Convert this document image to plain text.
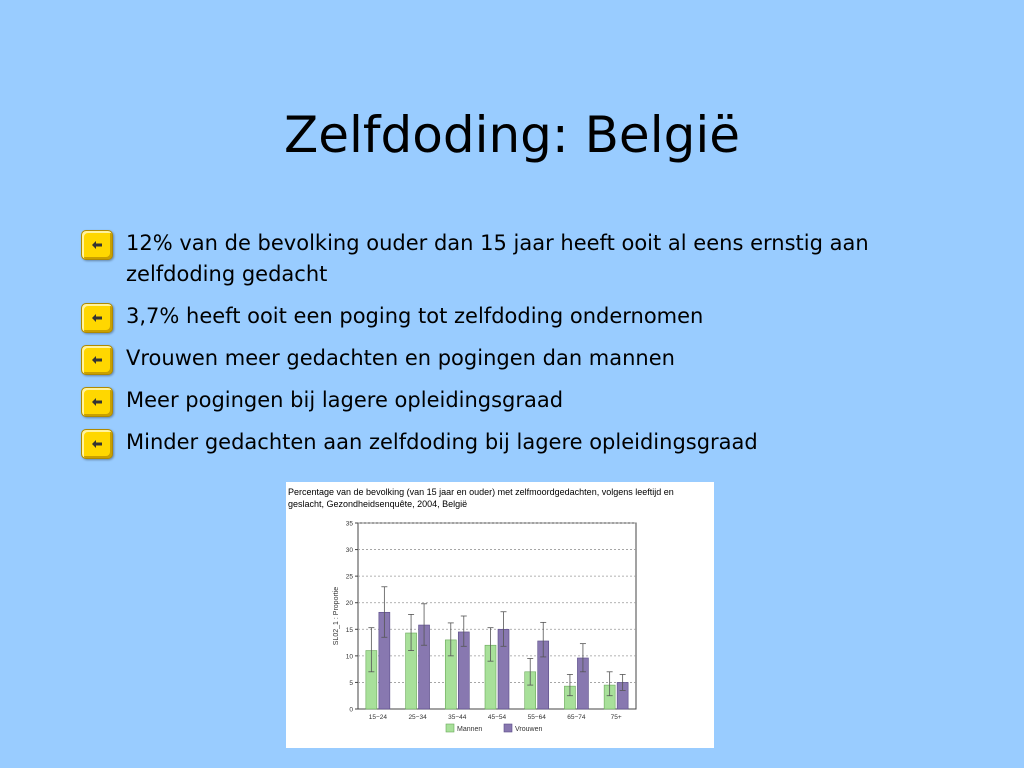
Zelfdoding: België
12% van de bevolking ouder dan 15 jaar heeft ooit al eens ernstig aan zelfdoding gedacht
3,7% heeft ooit een poging tot zelfdoding ondernomen
Vrouwen meer gedachten en pogingen dan mannen
Meer pogingen bij lagere opleidingsgraad
Minder gedachten aan zelfdoding bij lagere opleidingsgraad
Percentage van de bevolking (van 15 jaar en ouder) met zelfmoordgedachten, volgens leeftijd en geslacht, Gezondheidsenquête, 2004, België
0
5
10
15
20
25
30
35
SL02_1 : Proportie
15−24	25−34	35−44	45−54	55−64	65−74	75+
Mannen	Vrouwen
